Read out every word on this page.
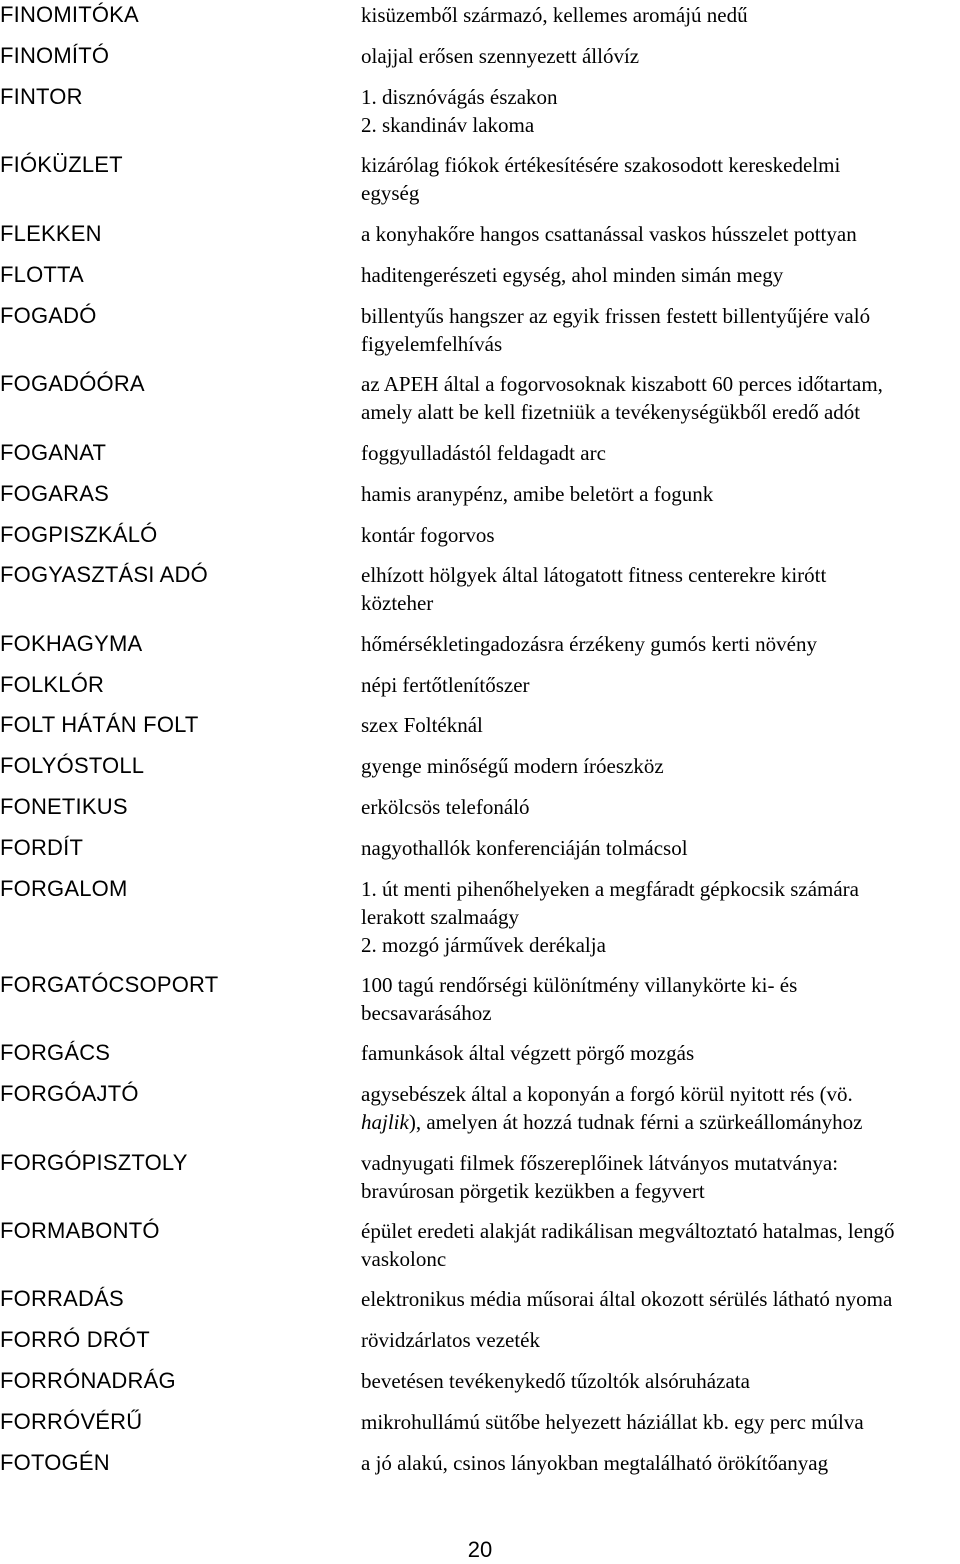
FINOMITÓKA	kisüzemből származó, kellemes aromájú nedű
FINOMÍTÓ	olajjal erősen szennyezett állóvíz
FINTOR	1. disznóvágás északon
2. skandináv lakoma
FIÓKÜZLET	kizárólag fiókok értékesítésére szakosodott kereskedelmi
egység
FLEKKEN	a konyhakőre hangos csattanással vaskos hússzelet pottyan
FLOTTA	haditengerészeti egység, ahol minden simán megy
FOGADÓ	billentyűs hangszer az egyik frissen festett billentyűjére való
figyelemfelhívás
FOGADÓÓRA	az APEH által a fogorvosoknak kiszabott 60 perces időtartam,
amely alatt be kell fizetniük a tevékenységükből eredő adót
FOGANAT	foggyulladástól feldagadt arc
FOGARAS	hamis aranypénz, amibe beletört a fogunk
FOGPISZKÁLÓ	kontár fogorvos
FOGYASZTÁSI ADÓ	elhízott hölgyek által látogatott fitness centerekre kirótt
közteher
FOKHAGYMA	hőmérsékletingadozásra érzékeny gumós kerti növény
FOLKLÓR	népi fertőtlenítőszer
FOLT HÁTÁN FOLT	szex Foltéknál
FOLYÓSTOLL	gyenge minőségű modern íróeszköz
FONETIKUS	erkölcsös telefonáló
FORDÍT	nagyothallók konferenciáján tolmácsol
FORGALOM	1. út menti pihenőhelyeken a megfáradt gépkocsik számára
lerakott szalmaágy
2. mozgó járművek derékalja
FORGATÓCSOPORT	100 tagú rendőrségi különítmény villanykörte ki- és
becsavarásához
FORGÁCS	famunkások által végzett pörgő mozgás
FORGÓAJTÓ	agysebészek által a koponyán a forgó körül nyitott rés (vö.
hajlik), amelyen át hozzá tudnak férni a szürkeállományhoz
FORGÓPISZTOLY	vadnyugati filmek főszereplőinek látványos mutatványa:
bravúrosan pörgetik kezükben a fegyvert
FORMABONTÓ	épület eredeti alakját radikálisan megváltoztató hatalmas, lengő
vaskolonc
FORRADÁS	elektronikus média műsorai által okozott sérülés látható nyoma
FORRÓ DRÓT	rövidzárlatos vezeték
FORRÓNADRÁG	bevetésen tevékenykedő tűzoltók alsóruházata
FORRÓVÉRŰ	mikrohullámú sütőbe helyezett háziállat kb. egy perc múlva
FOTOGÉN	a jó alakú, csinos lányokban megtalálható örökítőanyag
20
